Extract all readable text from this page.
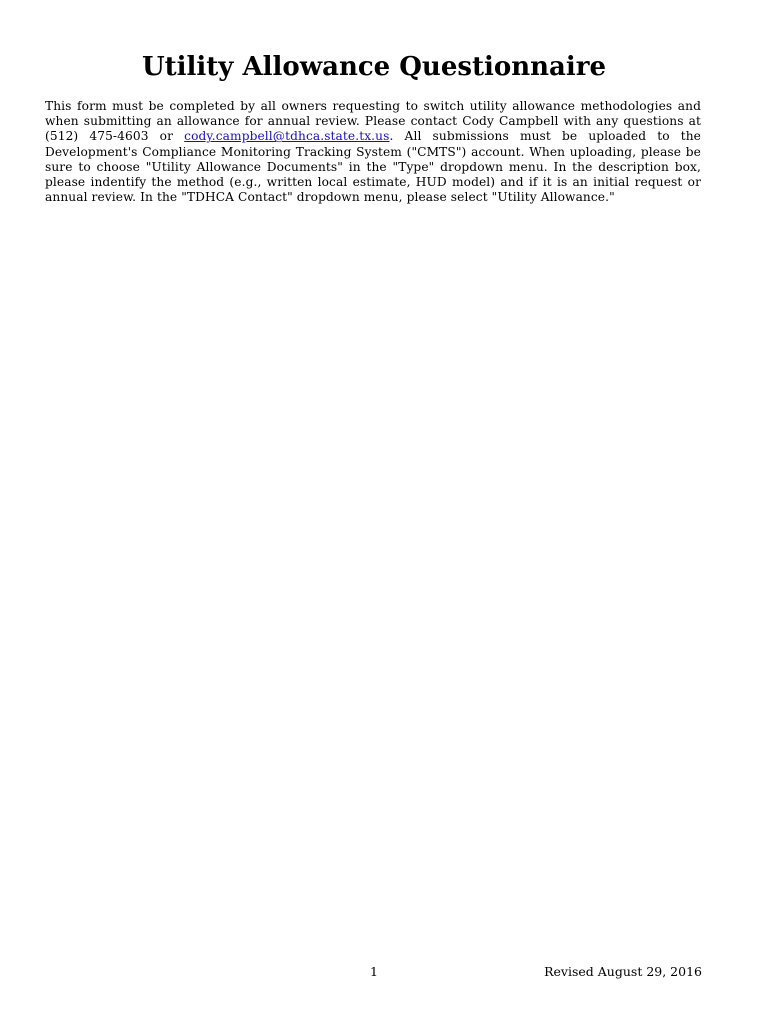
Utility Allowance Questionnaire

This form must be completed by all owners requesting to switch utility allowance methodologies and when submitting an allowance for annual review. Please contact Cody Campbell with any questions at (512) 475-4603 or cody.campbell@tdhca.state.tx.us. All submissions must be uploaded to the Development's Compliance Monitoring Tracking System ("CMTS") account. When uploading, please be sure to choose "Utility Allowance Documents" in the "Type" dropdown menu. In the description box, please indentify the method (e.g., written local estimate, HUD model) and if it is an initial request or annual review. In the "TDHCA Contact" dropdown menu, please select "Utility Allowance."

1	Revised August 29, 2016
